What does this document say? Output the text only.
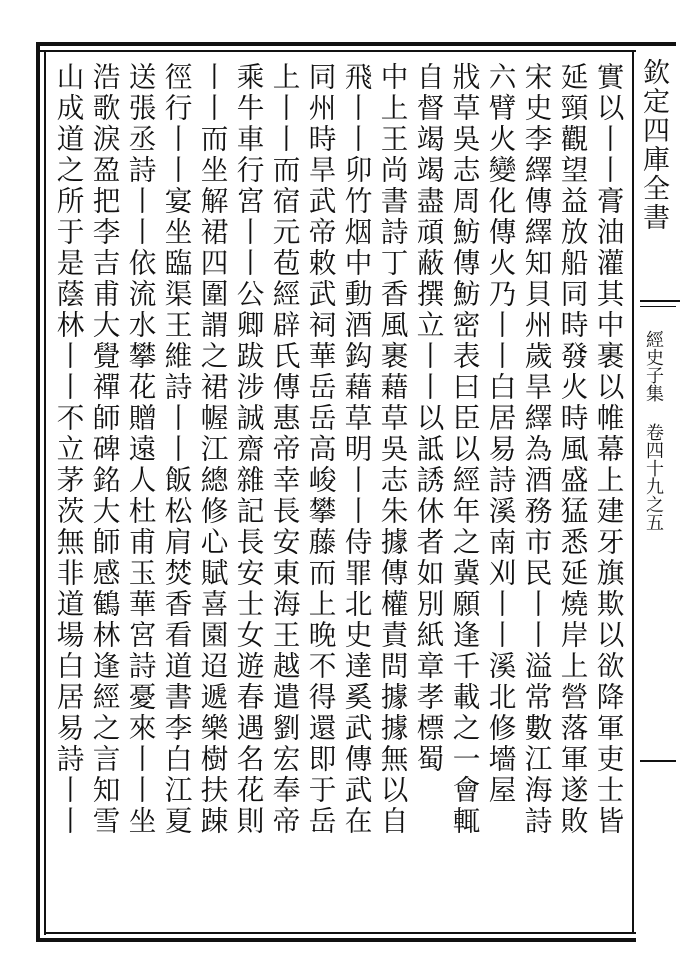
欽定四庫全書
經史子集 卷四十九之五
實以丨丨膏油灌其中裹以帷幕上建牙旗欺以欲降軍吏士皆
延頸觀望益放船同時發火時風盛猛悉延燒岸上營落軍遂敗
宋史李繹傳繹知貝州歲旱繹為酒務市民丨丨溢常數江海詩
六臂火變化傳火乃丨丨白居易詩溪南刈丨丨溪北修墻屋
戕草吳志周魴傳魴密表曰臣以經年之冀願逢千載之一會輒
自督竭竭盡頑蔽撰立丨丨以詆誘休者如別紙章孝標蜀
中上王尚書詩丁香風裹藉草吳志朱據傳權責問據據無以自
飛丨丨卯竹烟中動酒鈎藉草明丨丨侍罪北史達奚武傳武在
同州時旱武帝敕武祠華岳岳高峻攀藤而上晚不得還即于岳
上丨丨而宿元苞經辟氏傳惠帝幸長安東海王越遣劉宏奉帝
乘牛車行宮丨丨公卿跋涉誠齋雜記長安士女遊春遇名花則
丨丨而坐解裙四圍謂之裙幄江總修心賦喜園迢遞樂樹扶踈
徑行丨丨宴坐臨渠王維詩丨丨飯松肩焚香看道書李白江夏
送張丞詩丨丨依流水攀花贈遠人杜甫玉華宮詩憂來丨丨坐
浩歌淚盈把李吉甫大覺禪師碑銘大師感鶴林逢經之言知雪
山成道之所于是蔭林丨丨不立茅茨無非道場白居易詩丨丨
